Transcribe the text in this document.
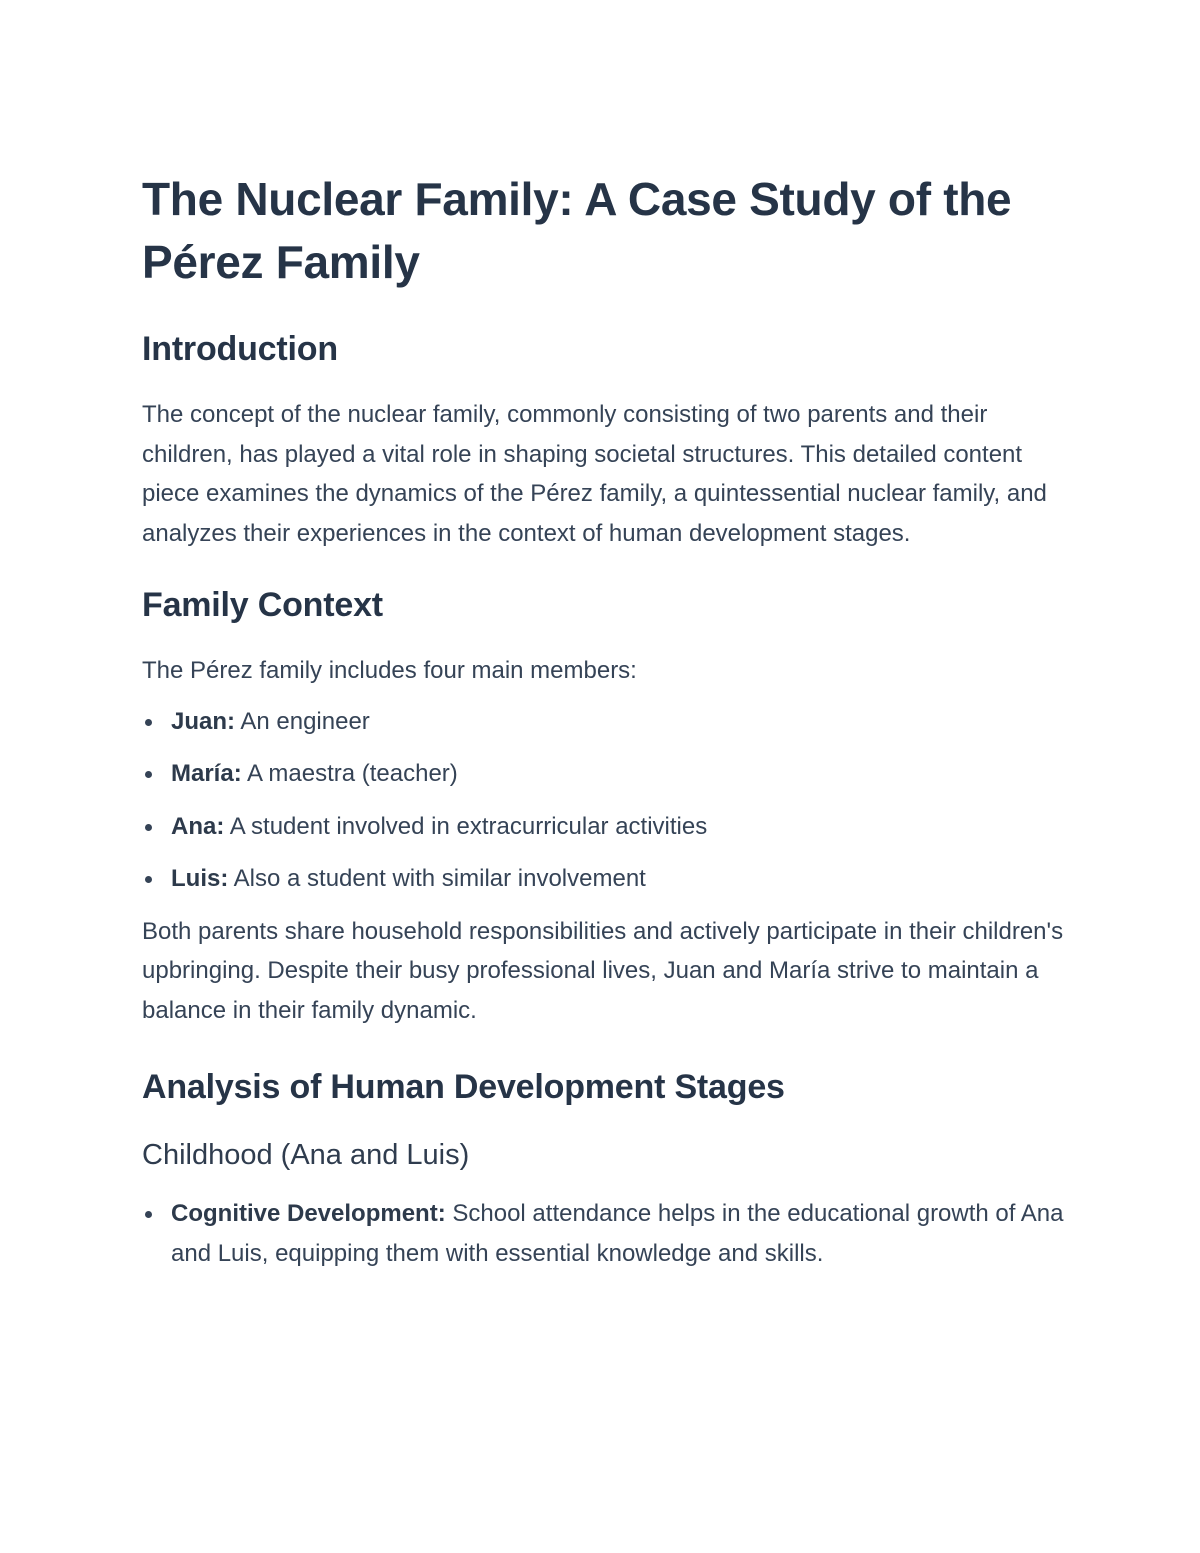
The Nuclear Family: A Case Study of the Pérez Family
Introduction

The concept of the nuclear family, commonly consisting of two parents and their children, has played a vital role in shaping societal structures. This detailed content piece examines the dynamics of the Pérez family, a quintessential nuclear family, and analyzes their experiences in the context of human development stages.

Family Context

The Pérez family includes four main members:

Juan: An engineer
María: A maestra (teacher)
Ana: A student involved in extracurricular activities
Luis: Also a student with similar involvement

Both parents share household responsibilities and actively participate in their children's upbringing. Despite their busy professional lives, Juan and María strive to maintain a balance in their family dynamic.

Analysis of Human Development Stages
Childhood (Ana and Luis)
Cognitive Development: School attendance helps in the educational growth of Ana and Luis, equipping them with essential knowledge and skills.
